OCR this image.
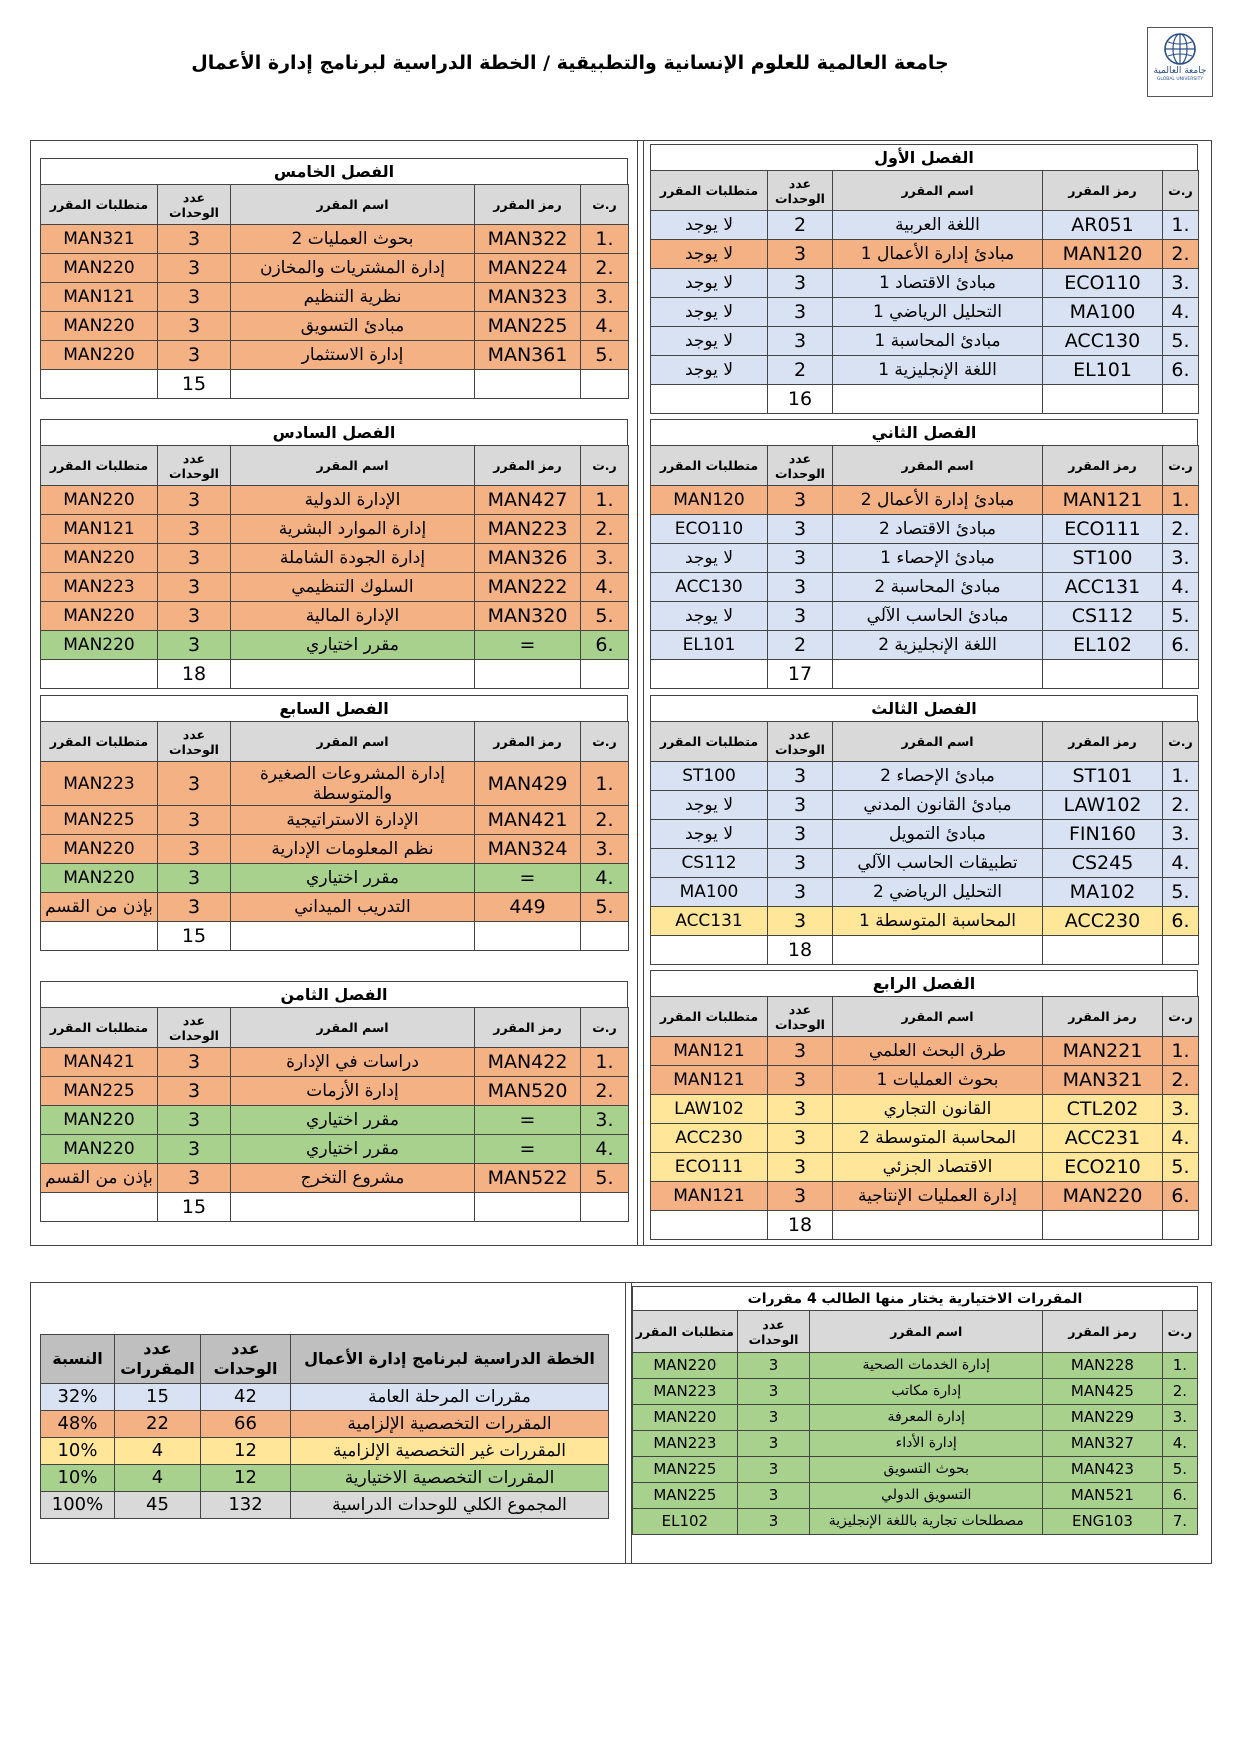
جامعة العالمية للعلوم الإنسانية والتطبيقية / الخطة الدراسية لبرنامج إدارة الأعمال	جامعة العالمية
GLOBAL UNIVERSITY
المقررات الاختيارية يختار منها الطالب 4 مقررات
ر.ت	رمز المقرر	اسم المقرر	عدد الوحدات	متطلبات المقرر
.1	MAN228	إدارة الخدمات الصحية	3	MAN220
.2	MAN425	إدارة مكاتب	3	MAN223
.3	MAN229	إدارة المعرفة	3	MAN220
.4	MAN327	إدارة الأداء	3	MAN223
.5	MAN423	بحوث التسويق	3	MAN225
.6	MAN521	التسويق الدولي	3	MAN225
.7	ENG103	مصطلحات تجارية باللغة الإنجليزية	3	EL102
الخطة الدراسية لبرنامج إدارة الأعمال	عدد الوحدات	عدد المقررات	النسبة
مقررات المرحلة العامة	42	15	32%
المقررات التخصصية الإلزامية	66	22	48%
المقررات غير التخصصية الإلزامية	12	4	10%
المقررات التخصصية الاختيارية	12	4	10%
المجموع الكلي للوحدات الدراسية	132	45	100%
الفصل الأول
ر.ت	رمز المقرر	اسم المقرر	عدد الوحدات	متطلبات المقرر
.1	AR051	اللغة العربية	2	لا يوجد
.2	MAN120	مبادئ إدارة الأعمال 1	3	لا يوجد
.3	ECO110	مبادئ الاقتصاد 1	3	لا يوجد
.4	MA100	التحليل الرياضي 1	3	لا يوجد
.5	ACC130	مبادئ المحاسبة 1	3	لا يوجد
.6	EL101	اللغة الإنجليزية 1	2	لا يوجد
			16	
الفصل الثاني
ر.ت	رمز المقرر	اسم المقرر	عدد الوحدات	متطلبات المقرر
.1	MAN121	مبادئ إدارة الأعمال 2	3	MAN120
.2	ECO111	مبادئ الاقتصاد 2	3	ECO110
.3	ST100	مبادئ الإحصاء 1	3	لا يوجد
.4	ACC131	مبادئ المحاسبة 2	3	ACC130
.5	CS112	مبادئ الحاسب الآلي	3	لا يوجد
.6	EL102	اللغة الإنجليزية 2	2	EL101
			17	
الفصل الثالث
ر.ت	رمز المقرر	اسم المقرر	عدد الوحدات	متطلبات المقرر
.1	ST101	مبادئ الإحصاء 2	3	ST100
.2	LAW102	مبادئ القانون المدني	3	لا يوجد
.3	FIN160	مبادئ التمويل	3	لا يوجد
.4	CS245	تطبيقات الحاسب الآلي	3	CS112
.5	MA102	التحليل الرياضي 2	3	MA100
.6	ACC230	المحاسبة المتوسطة 1	3	ACC131
			18	
الفصل الرابع
ر.ت	رمز المقرر	اسم المقرر	عدد الوحدات	متطلبات المقرر
.1	MAN221	طرق البحث العلمي	3	MAN121
.2	MAN321	بحوث العمليات 1	3	MAN121
.3	CTL202	القانون التجاري	3	LAW102
.4	ACC231	المحاسبة المتوسطة 2	3	ACC230
.5	ECO210	الاقتصاد الجزئي	3	ECO111
.6	MAN220	إدارة العمليات الإنتاجية	3	MAN121
			18	
الفصل الخامس
ر.ت	رمز المقرر	اسم المقرر	عدد الوحدات	متطلبات المقرر
.1	MAN322	بحوث العمليات 2	3	MAN321
.2	MAN224	إدارة المشتريات والمخازن	3	MAN220
.3	MAN323	نظرية التنظيم	3	MAN121
.4	MAN225	مبادئ التسويق	3	MAN220
.5	MAN361	إدارة الاستثمار	3	MAN220
			15	
الفصل السادس
ر.ت	رمز المقرر	اسم المقرر	عدد الوحدات	متطلبات المقرر
.1	MAN427	الإدارة الدولية	3	MAN220
.2	MAN223	إدارة الموارد البشرية	3	MAN121
.3	MAN326	إدارة الجودة الشاملة	3	MAN220
.4	MAN222	السلوك التنظيمي	3	MAN223
.5	MAN320	الإدارة المالية	3	MAN220
.6	=	مقرر اختياري	3	MAN220
			18	
الفصل السابع
ر.ت	رمز المقرر	اسم المقرر	عدد الوحدات	متطلبات المقرر
.1	MAN429	إدارة المشروعات الصغيرة والمتوسطة	3	MAN223
.2	MAN421	الإدارة الاستراتيجية	3	MAN225
.3	MAN324	نظم المعلومات الإدارية	3	MAN220
.4	=	مقرر اختياري	3	MAN220
.5	449	التدريب الميداني	3	بإذن من القسم
			15	
الفصل الثامن
ر.ت	رمز المقرر	اسم المقرر	عدد الوحدات	متطلبات المقرر
.1	MAN422	دراسات في الإدارة	3	MAN421
.2	MAN520	إدارة الأزمات	3	MAN225
.3	=	مقرر اختياري	3	MAN220
.4	=	مقرر اختياري	3	MAN220
.5	MAN522	مشروع التخرج	3	بإذن من القسم
			15	
